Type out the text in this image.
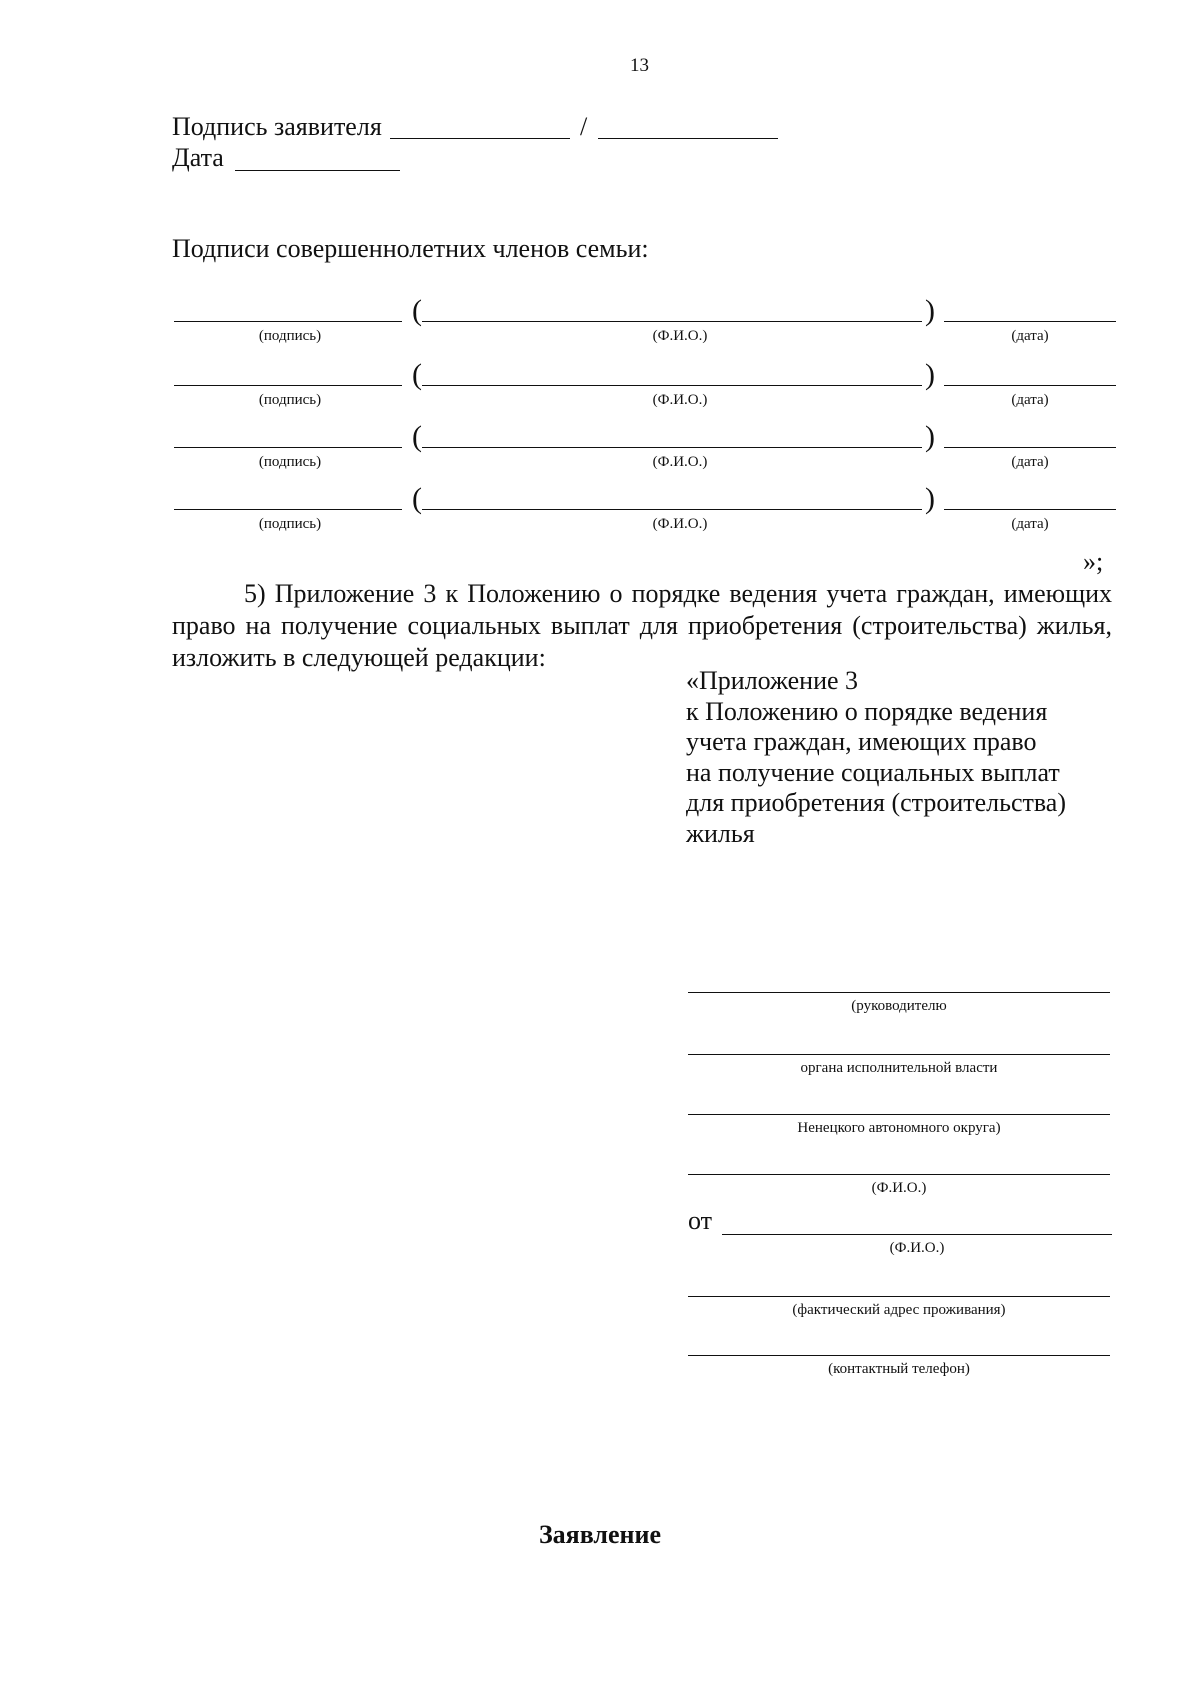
13
Подпись заявителя	/
Дата
Подписи совершеннолетних членов семьи:
(	)
(подпись)	(Ф.И.О.)	(дата)
(	)
(подпись)	(Ф.И.О.)	(дата)
(	)
(подпись)	(Ф.И.О.)	(дата)
(	)
(подпись)	(Ф.И.О.)	(дата)
»;
5) Приложение 3 к Положению о порядке ведения учета граждан, имеющих
право на получение социальных выплат для приобретения (строительства) жилья,
изложить в следующей редакции:
«Приложение 3
к Положению о порядке ведения
учета граждан, имеющих право
на получение социальных выплат
для приобретения (строительства)
жилья
(руководителю
органа исполнительной власти
Ненецкого автономного округа)
(Ф.И.О.)
от
(Ф.И.О.)
(фактический адрес проживания)
(контактный телефон)
Заявление
